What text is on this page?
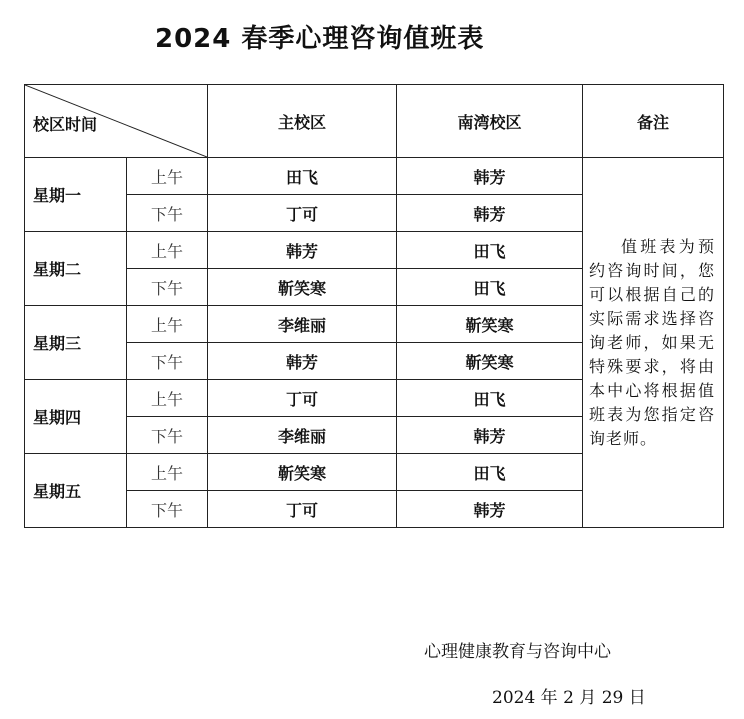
2024 春季心理咨询值班表
校区时间		主校区	南湾校区	备注
星期一	上午	田飞	韩芳	值班表为预约咨询时间，您可以根据自己的实际需求选择咨询老师，如果无特殊要求，将由本中心将根据值班表为您指定咨询老师。
	下午	丁可	韩芳	
星期二	上午	韩芳	田飞	
	下午	靳笑寒	田飞	
星期三	上午	李维丽	靳笑寒	
	下午	韩芳	靳笑寒	
星期四	上午	丁可	田飞	
	下午	李维丽	韩芳	
星期五	上午	靳笑寒	田飞	
	下午	丁可	韩芳	
心理健康教育与咨询中心
2024 年 2 月 29 日
